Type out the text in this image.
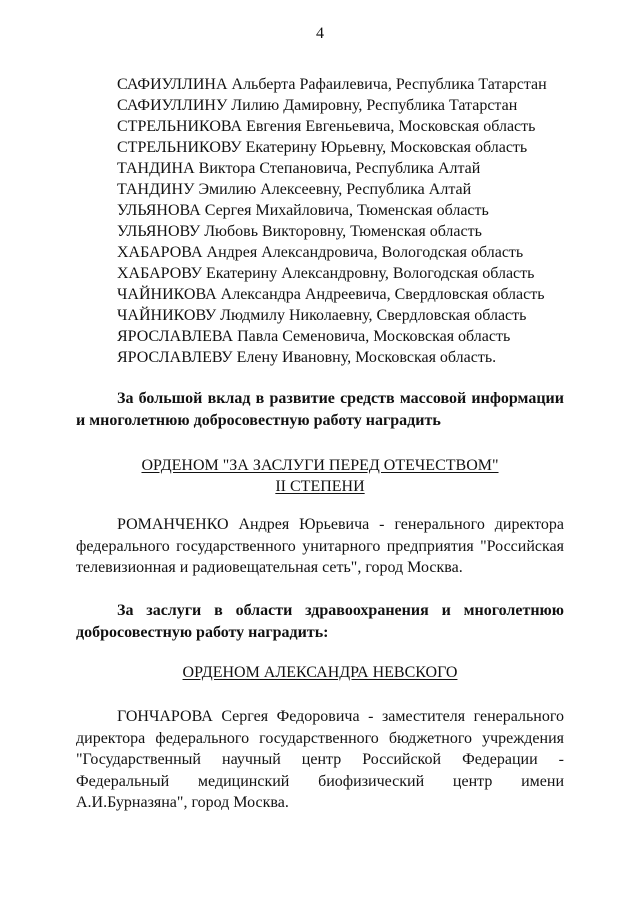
4
САФИУЛЛИНА Альберта Рафаилевича, Республика Татарстан
САФИУЛЛИНУ Лилию Дамировну, Республика Татарстан
СТРЕЛЬНИКОВА Евгения Евгеньевича, Московская область
СТРЕЛЬНИКОВУ Екатерину Юрьевну, Московская область
ТАНДИНА Виктора Степановича, Республика Алтай
ТАНДИНУ Эмилию Алексеевну, Республика Алтай
УЛЬЯНОВА Сергея Михайловича, Тюменская область
УЛЬЯНОВУ Любовь Викторовну, Тюменская область
ХАБАРОВА Андрея Александровича, Вологодская область
ХАБАРОВУ Екатерину Александровну, Вологодская область
ЧАЙНИКОВА Александра Андреевича, Свердловская область
ЧАЙНИКОВУ Людмилу Николаевну, Свердловская область
ЯРОСЛАВЛЕВА Павла Семеновича, Московская область
ЯРОСЛАВЛЕВУ Елену Ивановну, Московская область.

За большой вклад в развитие средств массовой информации и многолетнюю добросовестную работу наградить

ОРДЕНОМ "ЗА ЗАСЛУГИ ПЕРЕД ОТЕЧЕСТВОМ"
II СТЕПЕНИ

РОМАНЧЕНКО Андрея Юрьевича - генерального директора федерального государственного унитарного предприятия "Российская телевизионная и радиовещательная сеть", город Москва.

За заслуги в области здравоохранения и многолетнюю добросовестную работу наградить:

ОРДЕНОМ АЛЕКСАНДРА НЕВСКОГО

ГОНЧАРОВА Сергея Федоровича - заместителя генерального директора федерального государственного бюджетного учреждения "Государственный научный центр Российской Федерации - Федеральный медицинский биофизический центр имени А.И.Бурназяна", город Москва.
